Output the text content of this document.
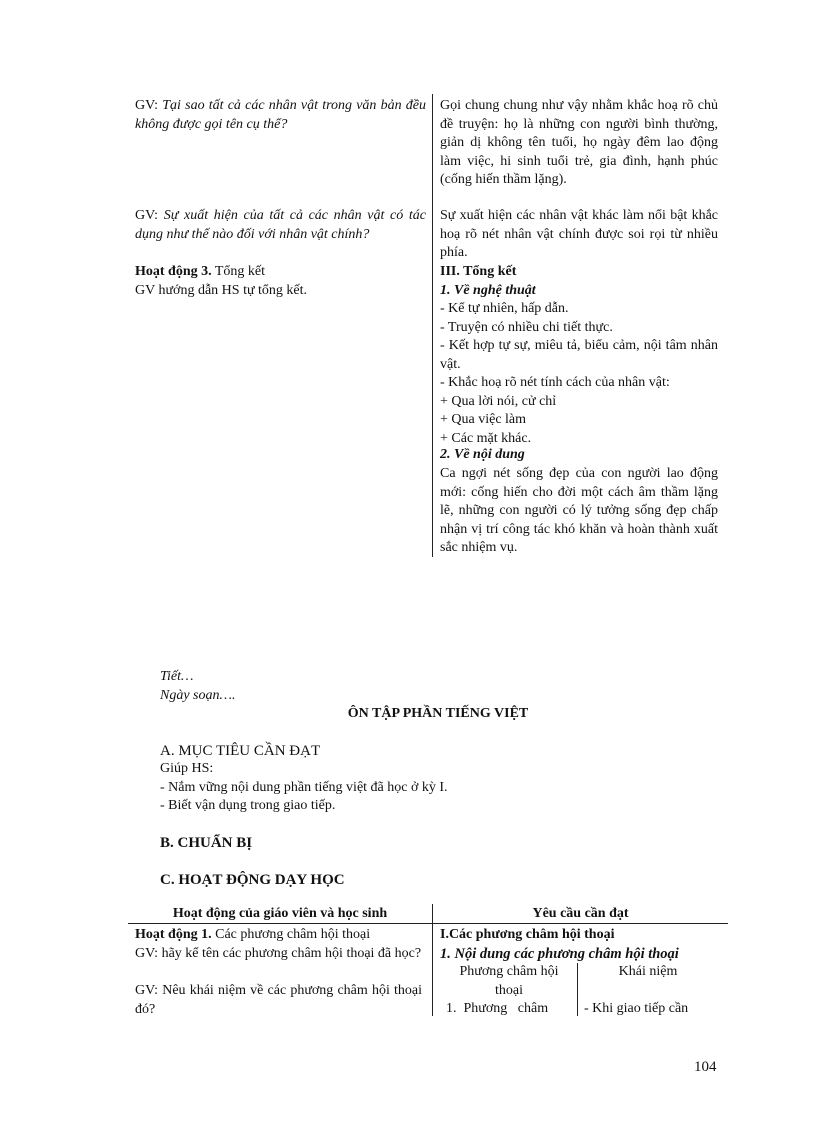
GV: Tại sao tất cả các nhân vật trong văn bản đều không được gọi tên cụ thể?
GV: Sự xuất hiện của tất cả các nhân vật có tác dụng như thế nào đối với nhân vật chính?
Hoạt động 3. Tổng kết
GV hướng dẫn HS tự tổng kết.
Gọi chung chung như vậy nhằm khắc hoạ rõ chủ đề truyện: họ là những con người bình thường, giản dị không tên tuổi, họ ngày đêm lao động làm việc, hi sinh tuổi trẻ, gia đình, hạnh phúc (cống hiến thầm lặng).
Sự xuất hiện các nhân vật khác làm nổi bật khắc hoạ rõ nét nhân vật chính được soi rọi từ nhiều phía.
III. Tổng kết
1. Về nghệ thuật

- Kể tự nhiên, hấp dẫn.

- Truyện có nhiều chi tiết thực.

- Kết hợp tự sự, miêu tả, biểu cảm, nội tâm nhân vật.

- Khắc hoạ rõ nét tính cách của nhân vật:

+ Qua lời nói, cử chỉ

+ Qua việc làm

+ Các mặt khác.

2. Về nội dung
Ca ngợi nét sống đẹp của con người lao động mới: cống hiến cho đời một cách âm thầm lặng lẽ, những con người có lý tưởng sống đẹp chấp nhận vị trí công tác khó khăn và hoàn thành xuất sắc nhiệm vụ.
Tiết…
Ngày soạn….
ÔN TẬP PHẦN TIẾNG VIỆT
A. MỤC TIÊU CẦN ĐẠT
Giúp HS:
- Nắm vững nội dung phần tiếng việt đã học ở kỳ I.
- Biết vận dụng trong giao tiếp.
B. CHUẨN BỊ
C. HOẠT ĐỘNG DẠY HỌC
Hoạt động của giáo viên và học sinh	Yêu cầu cần đạt
Hoạt động 1. Các phương châm hội thoại
GV: hãy kể tên các phương châm hội thoại đã học?
GV: Nêu khái niệm về các phương châm hội thoại đó?
I.Các phương châm hội thoại
1. Nội dung các phương châm hội thoại
Phương châm hội thoại
Khái niệm
1.  Phương   châm	- Khi giao tiếp cần
104
